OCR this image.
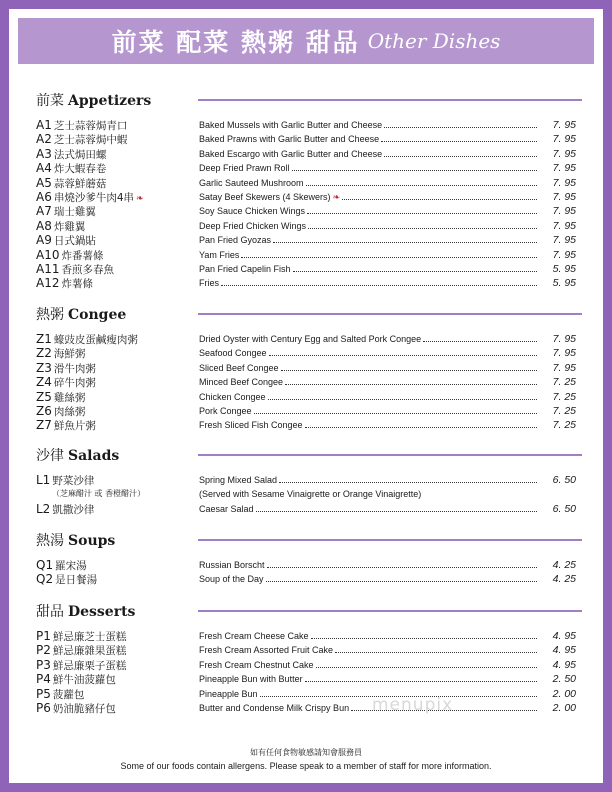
前菜 配菜 熱粥 甜品 Other Dishes
前菜 Appetizers
A1 芝士蒜蓉焗青口	Baked Mussels with Garlic Butter and Cheese	7. 95
A2 芝士蒜蓉焗中蝦	Baked Prawns with Garlic Butter and Cheese	7. 95
A3 法式焗田螺	Baked Escargo with Garlic Butter and Cheese	7. 95
A4 炸大蝦春卷	Deep Fried Prawn Roll	7. 95
A5 蒜蓉鮮蘑菇	Garlic Sauteed Mushroom	7. 95
A6 串燒沙爹牛肉4串 ❧	Satay Beef Skewers (4 Skewers) ❧	7. 95
A7 瑞士雞翼	Soy Sauce Chicken Wings	7. 95
A8 炸雞翼	Deep Fried Chicken Wings	7. 95
A9 日式鍋貼	Pan Fried Gyozas	7. 95
A10 炸番薯條	Yam Fries	7. 95
A11 香煎多春魚	Pan Fried Capelin Fish	5. 95
A12 炸薯條	Fries	5. 95
熱粥 Congee
Z1 蠔豉皮蛋鹹瘦肉粥	Dried Oyster with Century Egg and Salted Pork Congee	7. 95
Z2 海鮮粥	Seafood Congee	7. 95
Z3 滑牛肉粥	Sliced Beef Congee	7. 95
Z4 碎牛肉粥	Minced Beef Congee	7. 25
Z5 雞絲粥	Chicken Congee	7. 25
Z6 肉絲粥	Pork Congee	7. 25
Z7 鮮魚片粥	Fresh Sliced Fish Congee	7. 25
沙律 Salads
L1 野菜沙律	Spring Mixed Salad	6. 50
（芝麻醋汁 或 香橙醋汁）	(Served with Sesame Vinaigrette or Orange Vinaigrette)
L2 凱撒沙律	Caesar Salad	6. 50
熱湯 Soups
Q1 羅宋湯	Russian Borscht	4. 25
Q2 是日餐湯	Soup of the Day	4. 25
甜品 Desserts
P1 鮮忌廉芝士蛋糕	Fresh Cream Cheese Cake	4. 95
P2 鮮忌廉雜果蛋糕	Fresh Cream Assorted Fruit Cake	4. 95
P3 鮮忌廉栗子蛋糕	Fresh Cream Chestnut Cake	4. 95
P4 鮮牛油菠蘿包	Pineapple Bun with Butter	2. 50
P5 菠蘿包	Pineapple Bun	2. 00
P6 奶油脆豬仔包	Butter and Condense Milk Crispy Bun	2. 00
menupix
如有任何食物敏感請知會服務員
Some of our foods contain allergens. Please speak to a member of staff for more information.
